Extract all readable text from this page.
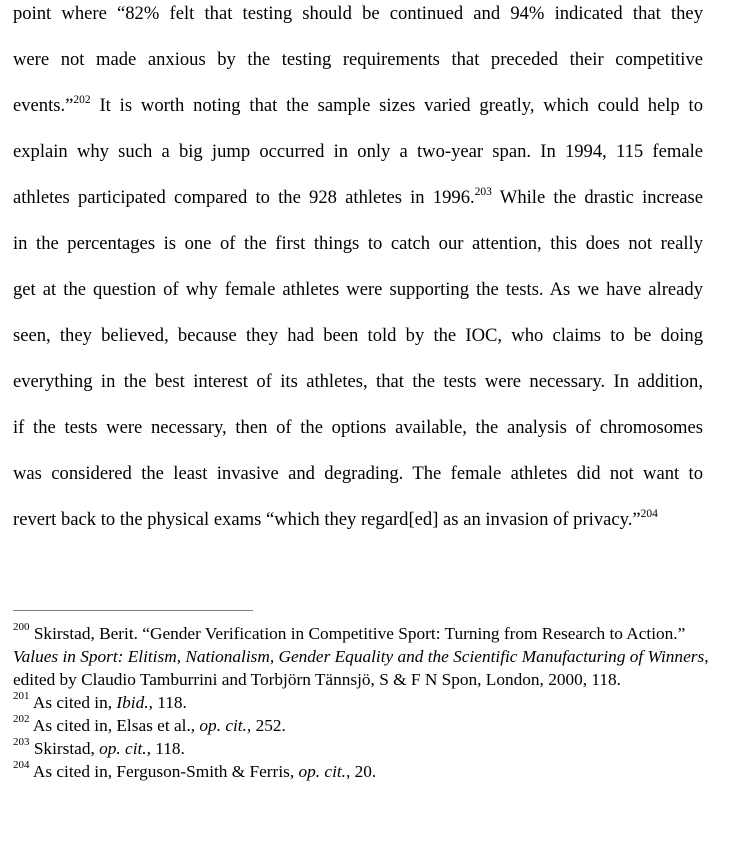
point where “82% felt that testing should be continued and 94% indicated that they
were not made anxious by the testing requirements that preceded their competitive
events.”$^{202}$ It is worth noting that the sample sizes varied greatly, which could help to
explain why such a big jump occurred in only a two-year span. In 1994, 115 female
athletes participated compared to the 928 athletes in 1996.$^{203}$ While the drastic increase
in the percentages is one of the first things to catch our attention, this does not really
get at the question of why female athletes were supporting the tests. As we have already
seen, they believed, because they had been told by the IOC, who claims to be doing
everything in the best interest of its athletes, that the tests were necessary. In addition,
if the tests were necessary, then of the options available, the analysis of chromosomes
was considered the least invasive and degrading. The female athletes did not want to
revert back to the physical exams “which they regard[ed] as an invasion of privacy.”$^{204}$
$^{200}$ Skirstad, Berit. “Gender Verification in Competitive Sport: Turning from Research to Action.” Values in Sport: Elitism, Nationalism, Gender Equality and the Scientific Manufacturing of Winners, edited by Claudio Tamburrini and Torbjörn Tännsjö, S & F N Spon, London, 2000, 118.
$^{201}$ As cited in, Ibid., 118.
$^{202}$ As cited in, Elsas et al., op. cit., 252.
$^{203}$ Skirstad, op. cit., 118.
$^{204}$ As cited in, Ferguson-Smith & Ferris, op. cit., 20.
